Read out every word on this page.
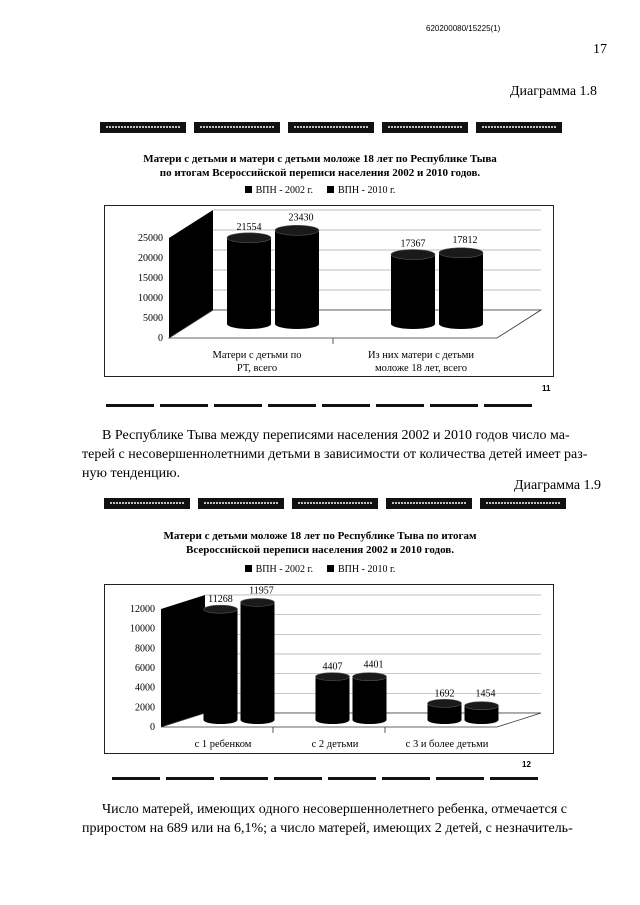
620200080/15225(1)
17
Диаграмма 1.8
Матери с детьми и матери с детьми моложе 18 лет по Республике Тыва
по итогам Всероссийской переписи населения 2002 и 2010 годов.
ВПН - 2002 г.	ВПН - 2010 г.
0
5000
10000
15000
20000
25000
21554
23430
Матери с детьми по
РТ, всего
17367	17812
Из них матери с детьми
моложе 18 лет, всего
11
В Республике Тыва между переписями населения 2002 и 2010 годов число ма-
терей с несовершеннолетними детьми в зависимости от количества детей имеет раз-
ную тенденцию.
Диаграмма 1.9
Матери с детьми моложе 18 лет по Республике Тыва по итогам
Всероссийской переписи населения 2002 и 2010 годов.
ВПН - 2002 г.	ВПН - 2010 г.
0
2000
4000
6000
8000
10000
12000
11268
11957
с 1 ребенком
4407 4401
с 2 детьми
1692 1454
с 3 и более детьми
12
Число матерей, имеющих одного несовершеннолетнего ребенка, отмечается с
приростом на 689 или на 6,1%; а число матерей, имеющих 2 детей, с незначитель-
